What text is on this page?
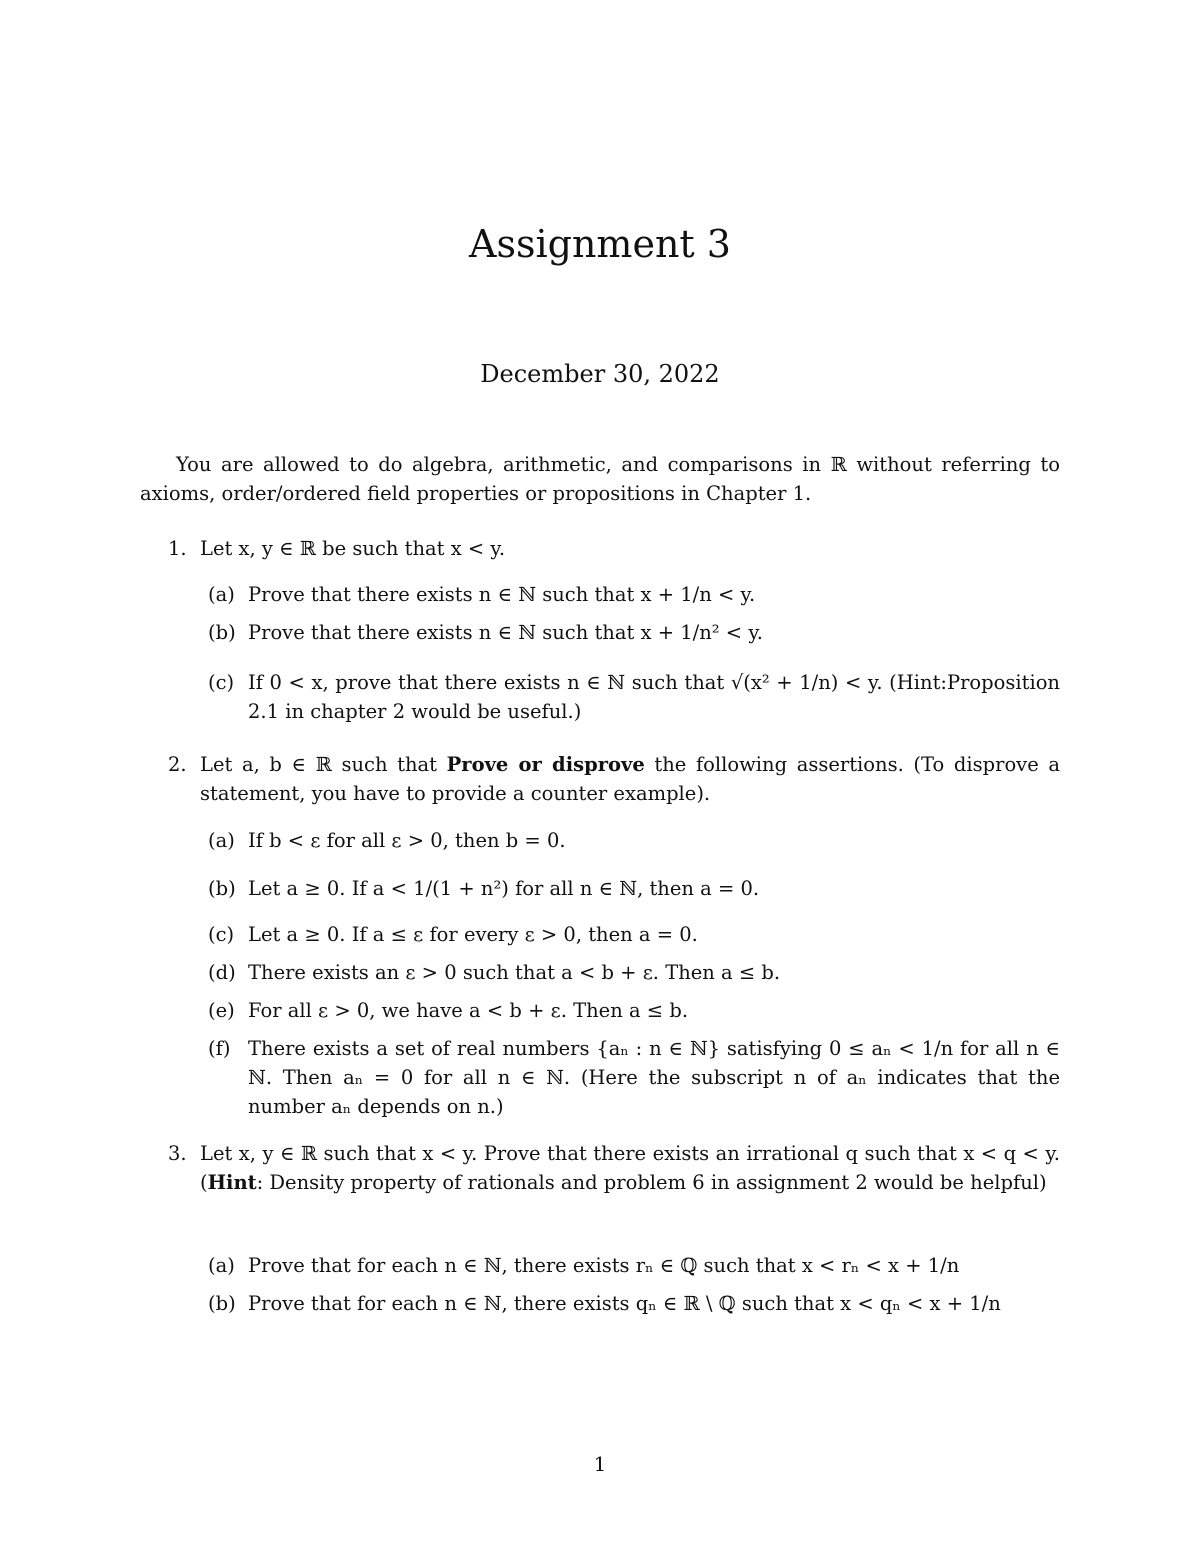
Assignment 3
December 30, 2022

You are allowed to do algebra, arithmetic, and comparisons in ℝ without referring to axioms, order/ordered field properties or propositions in Chapter 1.

1. Let x, y ∈ ℝ be such that x < y.
(a) Prove that there exists n ∈ ℕ such that x + 1/n < y.
(b) Prove that there exists n ∈ ℕ such that x + 1/n² < y.
(c) If 0 < x, prove that there exists n ∈ ℕ such that √(x² + 1/n) < y. (Hint:Proposition 2.1 in chapter 2 would be useful.)
2. Let a, b ∈ ℝ such that Prove or disprove the following assertions. (To disprove a statement, you have to provide a counter example).
(a) If b < ε for all ε > 0, then b = 0.
(b) Let a ≥ 0. If a < 1/(1 + n²) for all n ∈ ℕ, then a = 0.
(c) Let a ≥ 0. If a ≤ ε for every ε > 0, then a = 0.
(d) There exists an ε > 0 such that a < b + ε. Then a ≤ b.
(e) For all ε > 0, we have a < b + ε. Then a ≤ b.
(f) There exists a set of real numbers {aₙ : n ∈ ℕ} satisfying 0 ≤ aₙ < 1/n for all n ∈ ℕ. Then aₙ = 0 for all n ∈ ℕ. (Here the subscript n of aₙ indicates that the number aₙ depends on n.)
3. Let x, y ∈ ℝ such that x < y. Prove that there exists an irrational q such that x < q < y. (Hint: Density property of rationals and problem 6 in assignment 2 would be helpful)
(a) Prove that for each n ∈ ℕ, there exists rₙ ∈ ℚ such that x < rₙ < x + 1/n
(b) Prove that for each n ∈ ℕ, there exists qₙ ∈ ℝ \ ℚ such that x < qₙ < x + 1/n
1
